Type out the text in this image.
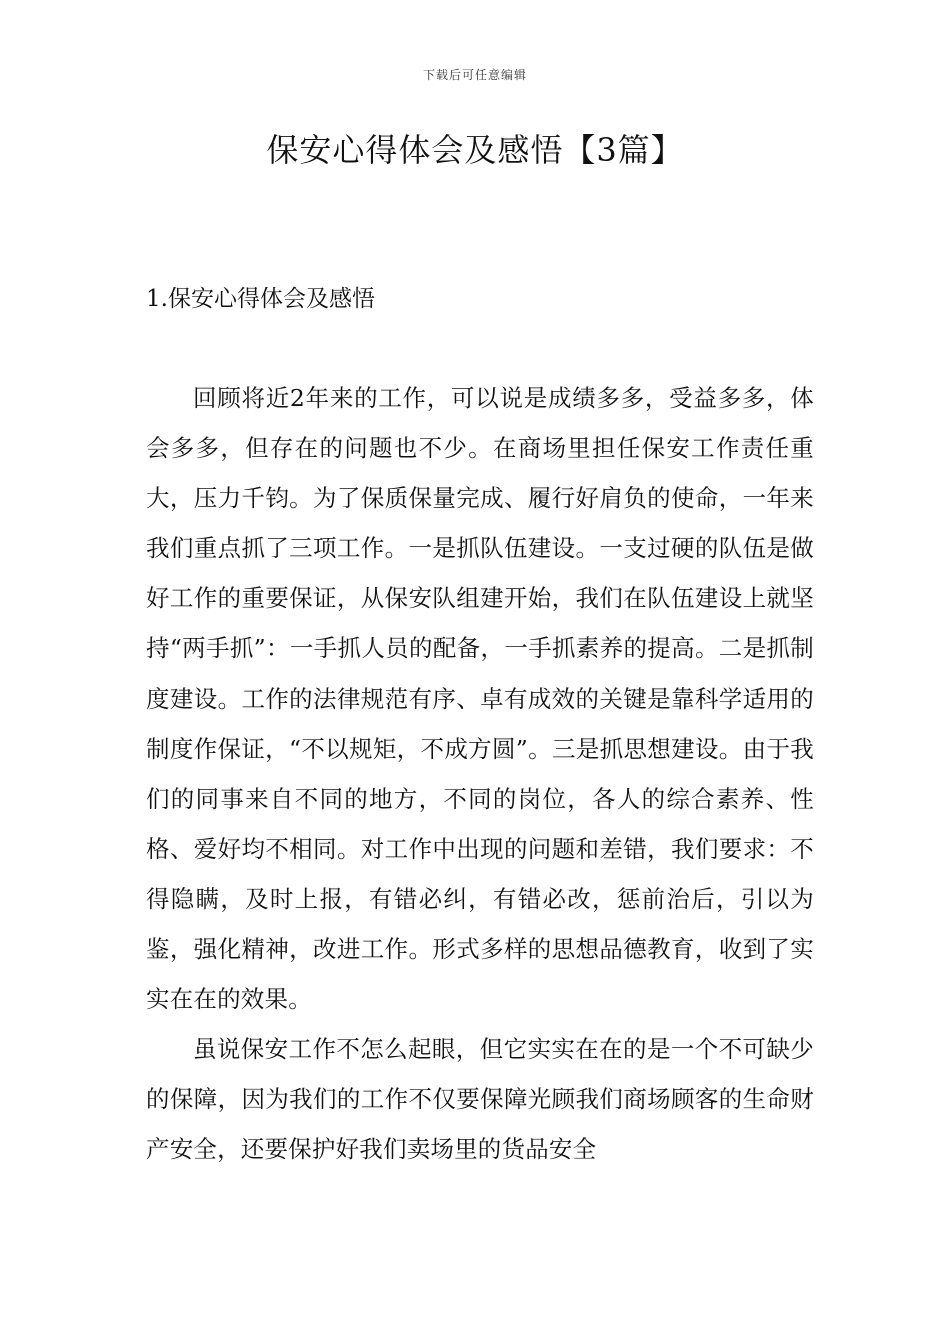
下载后可任意编辑
保安心得体会及感悟【3篇】
1.保安心得体会及感悟

回顾将近2年来的工作，可以说是成绩多多，受益多多，体会多多，但存在的问题也不少。在商场里担任保安工作责任重大，压力千钧。为了保质保量完成、履行好肩负的使命，一年来我们重点抓了三项工作。一是抓队伍建设。一支过硬的队伍是做好工作的重要保证，从保安队组建开始，我们在队伍建设上就坚持“两手抓”：一手抓人员的配备，一手抓素养的提高。二是抓制度建设。工作的法律规范有序、卓有成效的关键是靠科学适用的制度作保证，“不以规矩，不成方圆”。三是抓思想建设。由于我们的同事来自不同的地方，不同的岗位，各人的综合素养、性格、爱好均不相同。对工作中出现的问题和差错，我们要求：不得隐瞒，及时上报，有错必纠，有错必改，惩前治后，引以为鉴，强化精神，改进工作。形式多样的思想品德教育，收到了实实在在的效果。

虽说保安工作不怎么起眼，但它实实在在的是一个不可缺少的保障，因为我们的工作不仅要保障光顾我们商场顾客的生命财产安全，还要保护好我们卖场里的货品安全
